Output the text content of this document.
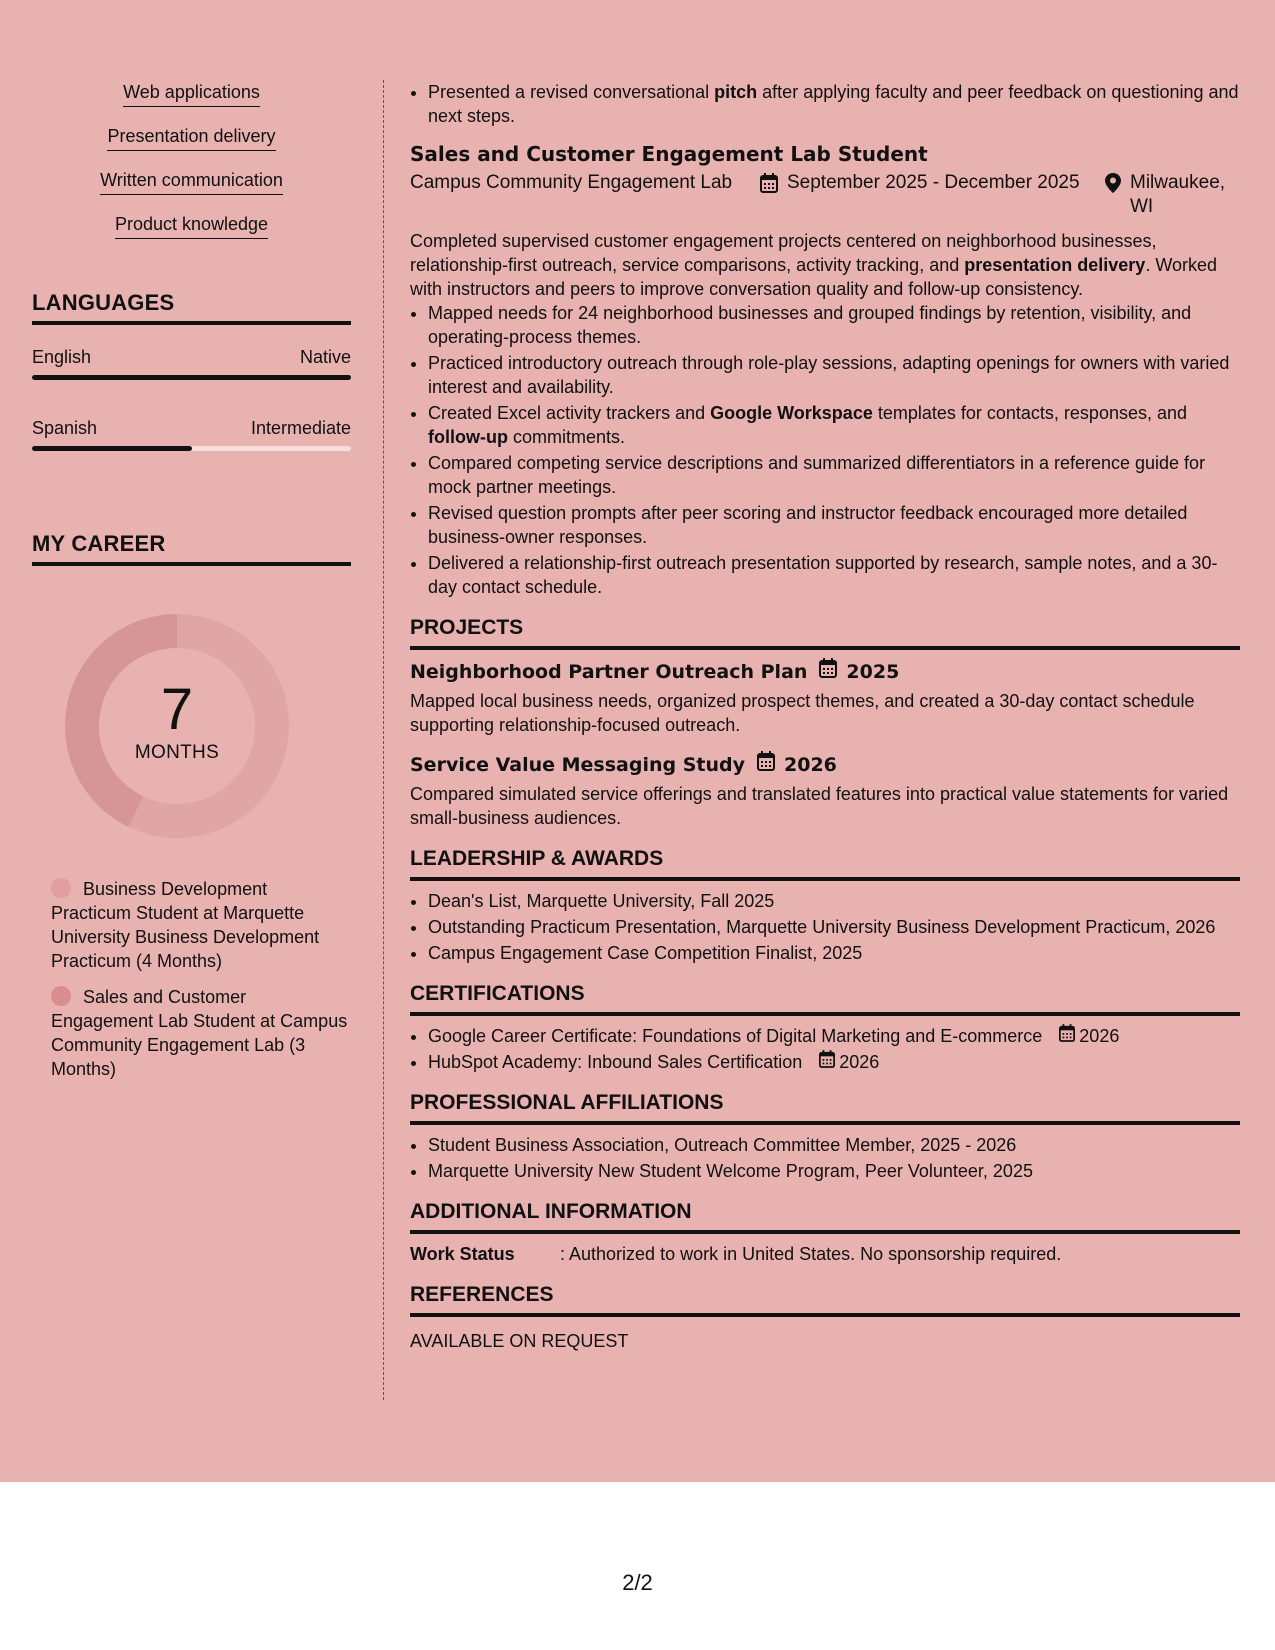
Web applications
Presentation delivery
Written communication
Product knowledge
LANGUAGES
English	Native
Spanish	Intermediate
MY CAREER
7
MONTHS
Business Development Practicum Student at Marquette University Business Development Practicum (4 Months)
Sales and Customer Engagement Lab Student at Campus Community Engagement Lab (3 Months)
• Presented a revised conversational pitch after applying faculty and peer feedback on questioning and next steps.
Sales and Customer Engagement Lab Student
Campus Community Engagement Lab	September 2025 - December 2025	Milwaukee, WI
Completed supervised customer engagement projects centered on neighborhood businesses, relationship-first outreach, service comparisons, activity tracking, and presentation delivery. Worked with instructors and peers to improve conversation quality and follow-up consistency.
• Mapped needs for 24 neighborhood businesses and grouped findings by retention, visibility, and operating-process themes.
• Practiced introductory outreach through role-play sessions, adapting openings for owners with varied interest and availability.
• Created Excel activity trackers and Google Workspace templates for contacts, responses, and follow-up commitments.
• Compared competing service descriptions and summarized differentiators in a reference guide for mock partner meetings.
• Revised question prompts after peer scoring and instructor feedback encouraged more detailed business-owner responses.
• Delivered a relationship-first outreach presentation supported by research, sample notes, and a 30-day contact schedule.
PROJECTS
Neighborhood Partner Outreach Plan 2025
Mapped local business needs, organized prospect themes, and created a 30-day contact schedule supporting relationship-focused outreach.
Service Value Messaging Study 2026
Compared simulated service offerings and translated features into practical value statements for varied small-business audiences.
LEADERSHIP & AWARDS
• Dean's List, Marquette University, Fall 2025
• Outstanding Practicum Presentation, Marquette University Business Development Practicum, 2026
• Campus Engagement Case Competition Finalist, 2025
CERTIFICATIONS
• Google Career Certificate: Foundations of Digital Marketing and E-commerce 2026
• HubSpot Academy: Inbound Sales Certification 2026
PROFESSIONAL AFFILIATIONS
• Student Business Association, Outreach Committee Member, 2025 - 2026
• Marquette University New Student Welcome Program, Peer Volunteer, 2025
ADDITIONAL INFORMATION
Work Status	: Authorized to work in United States. No sponsorship required.
REFERENCES
AVAILABLE ON REQUEST
2/2
